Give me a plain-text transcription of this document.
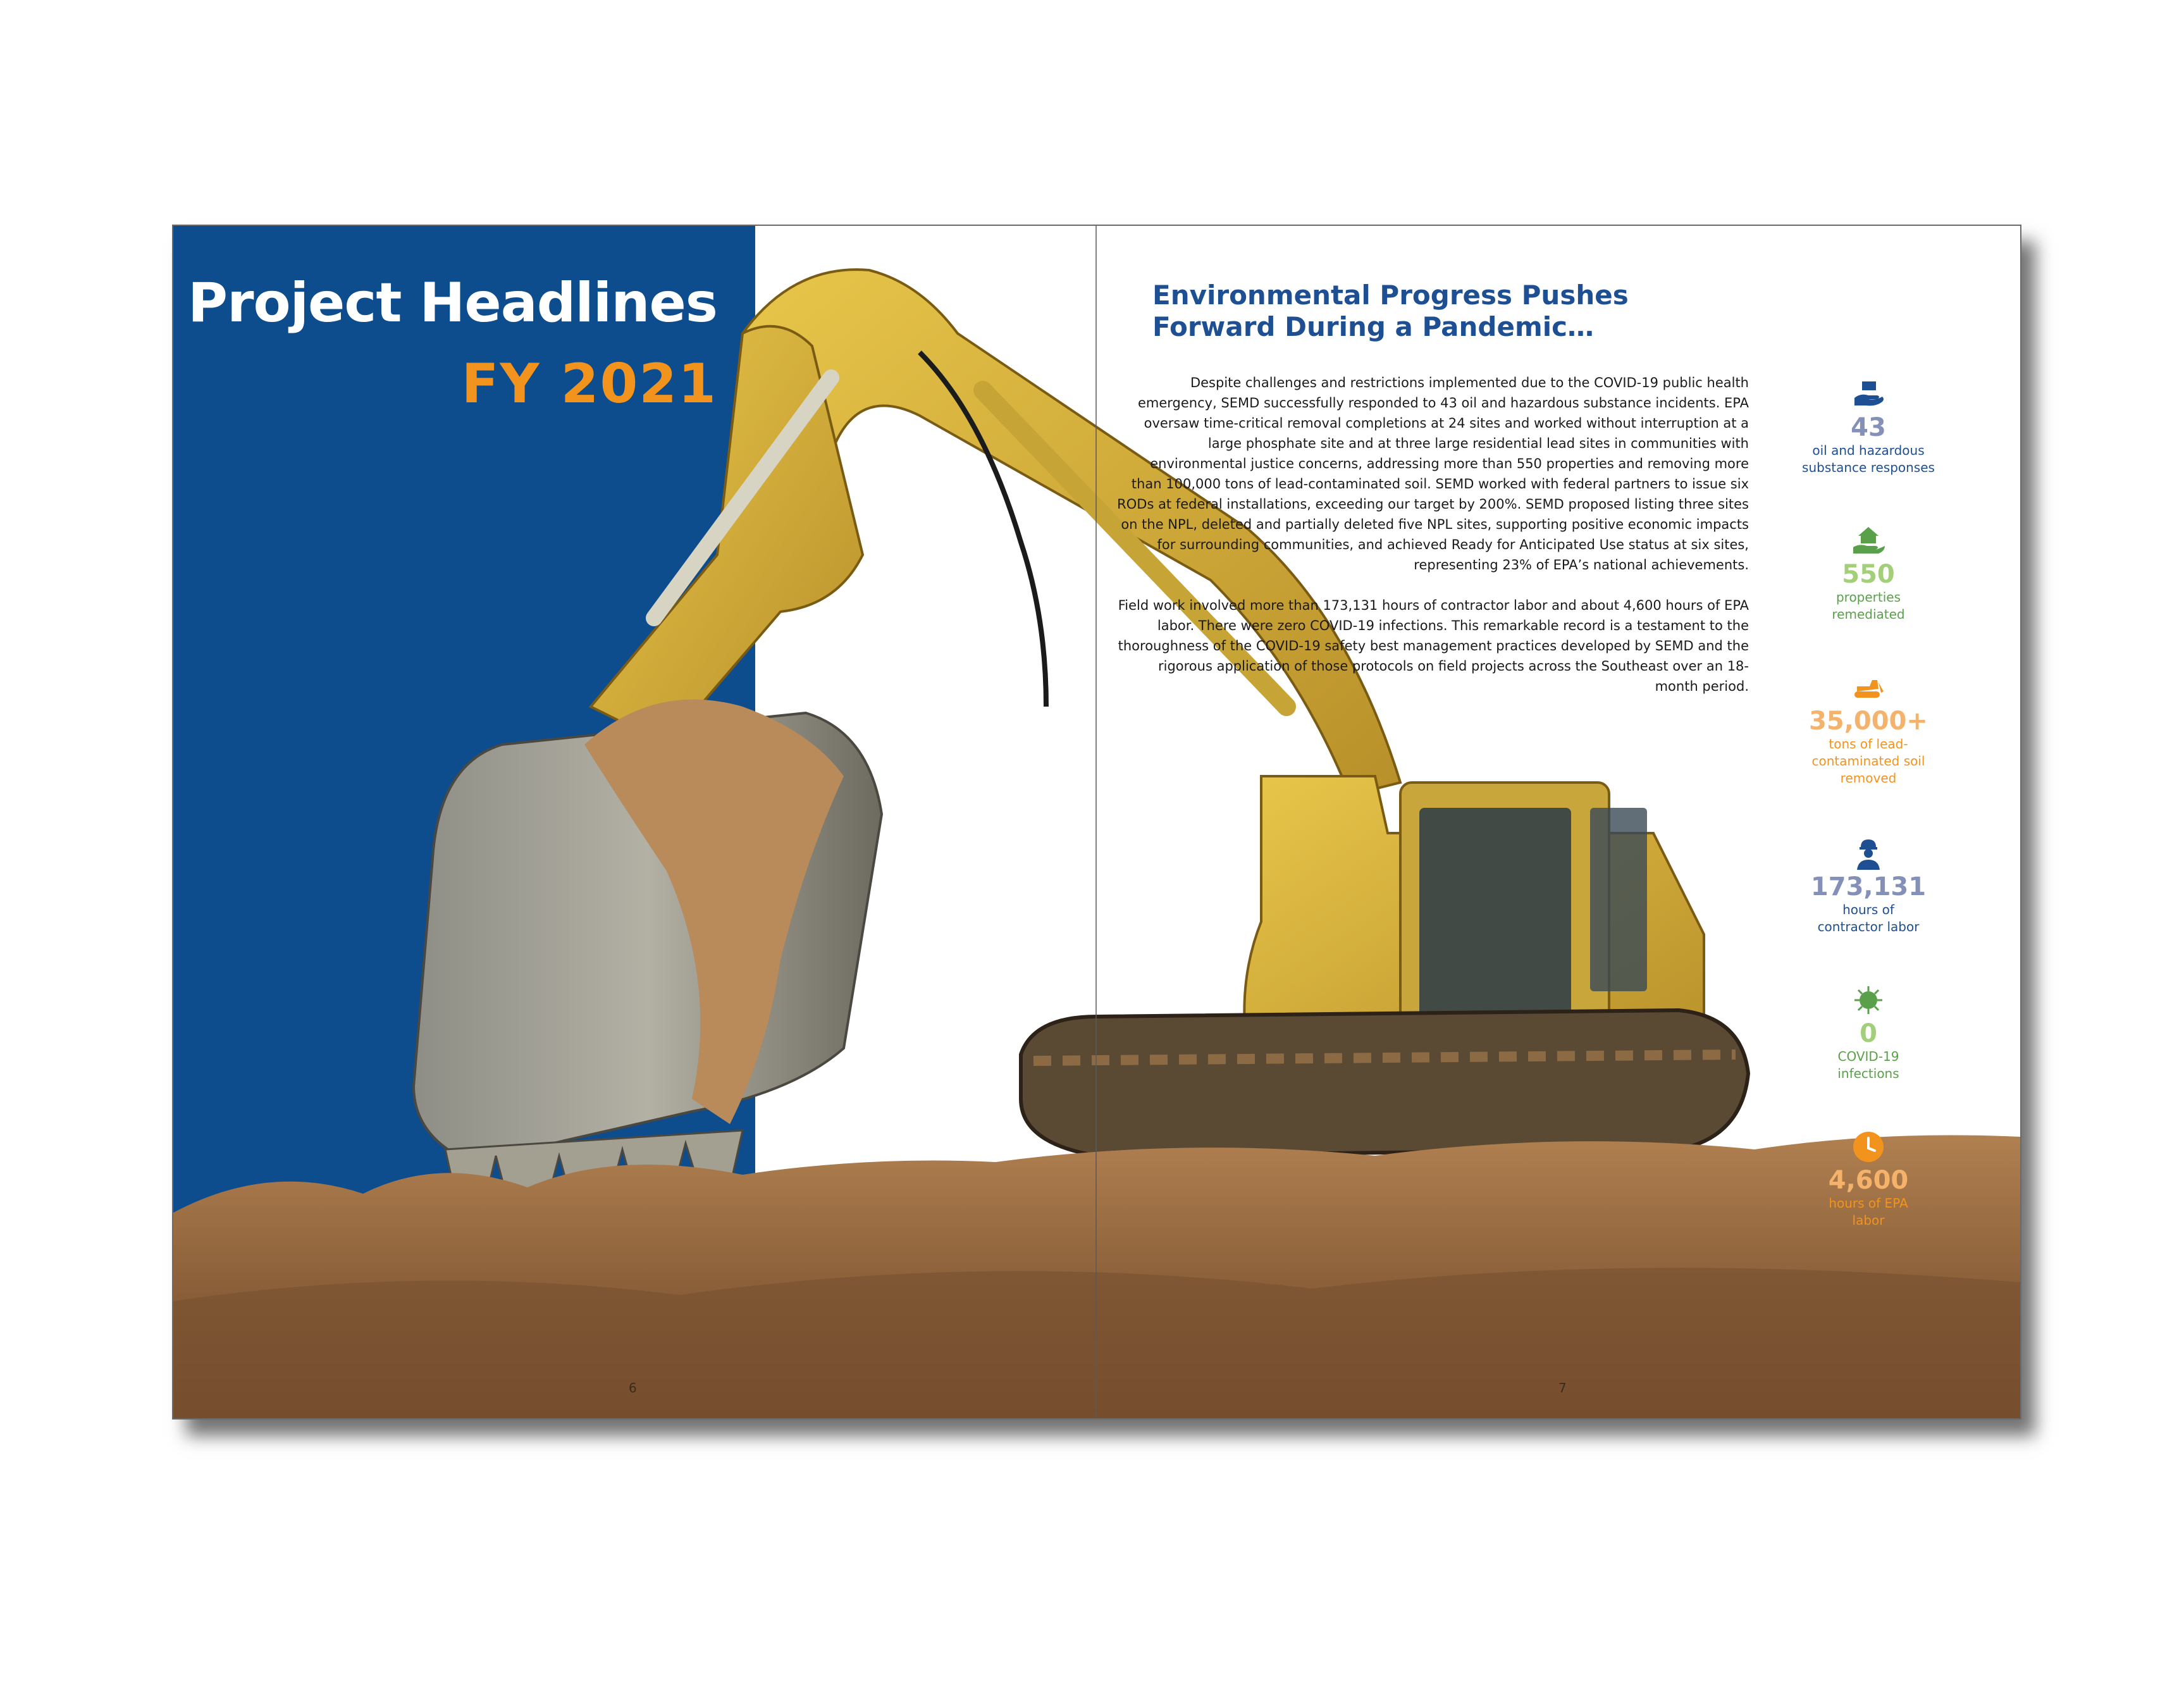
Project Headlines
FY 2021
Environmental Progress Pushes
Forward During a Pandemic…

Despite challenges and restrictions implemented due to the COVID-19 public health emergency, SEMD successfully responded to 43 oil and hazardous substance incidents. EPA oversaw time-critical removal completions at 24 sites and worked without interruption at a large phosphate site and at three large residential lead sites in communities with environmental justice concerns, addressing more than 550 properties and removing more than 100,000 tons of lead-contaminated soil. SEMD worked with federal partners to issue six RODs at federal installations, exceeding our target by 200%. SEMD proposed listing three sites on the NPL, deleted and partially deleted five NPL sites, supporting positive economic impacts for surrounding communities, and achieved Ready for Anticipated Use status at six sites, representing 23% of EPA’s national achievements.

Field work involved more than 173,131 hours of contractor labor and about 4,600 hours of EPA labor. There were zero COVID-19 infections. This remarkable record is a testament to the thoroughness of the COVID-19 safety best management practices developed by SEMD and the rigorous application of those protocols on field projects across the Southeast over an 18-month period.

43
oil and hazardous
substance responses
550
properties
remediated
35,000+
tons of lead-
contaminated soil
removed
173,131
hours of
contractor labor
0
COVID-19
infections
4,600
hours of EPA
labor
6	7
